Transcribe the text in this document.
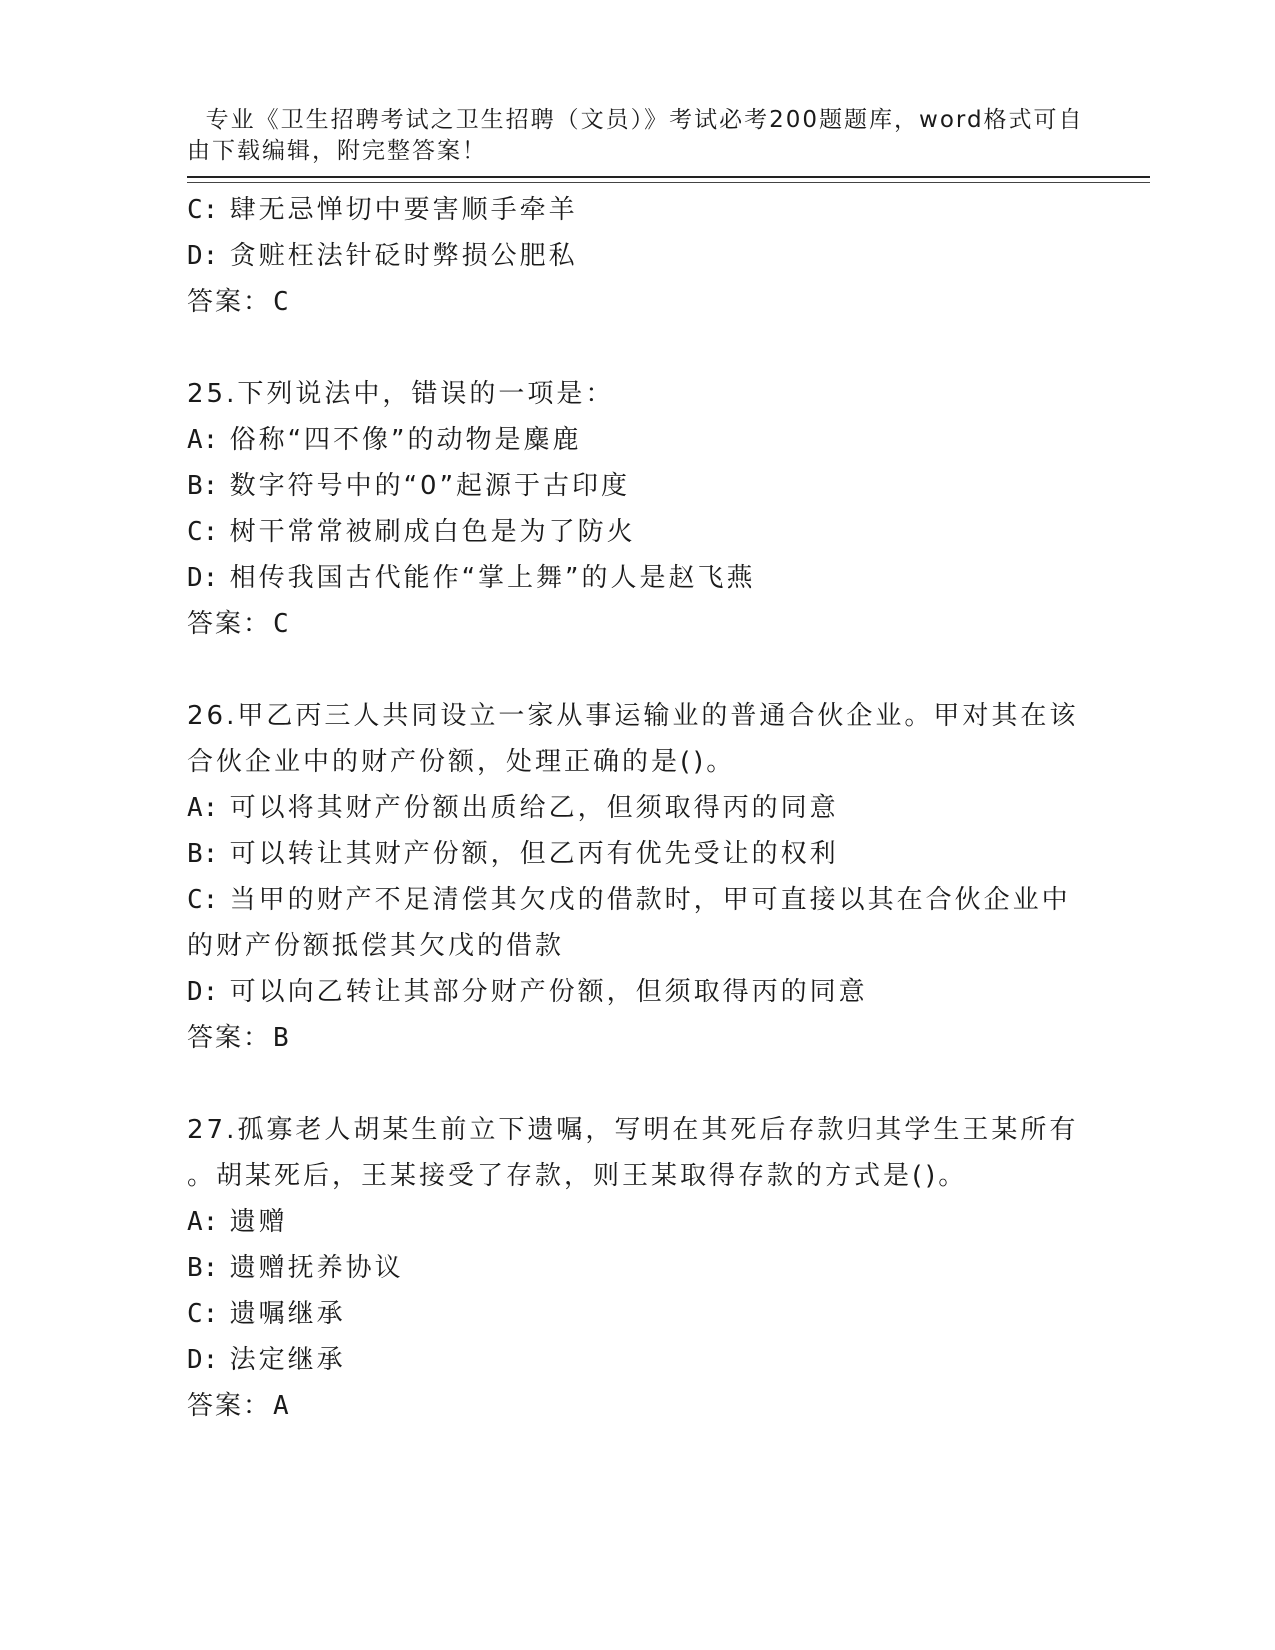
专业《卫生招聘考试之卫生招聘（文员）》考试必考200题题库，word格式可自由下载编辑，附完整答案！

C: 肆无忌惮切中要害顺手牵羊
D: 贪赃枉法针砭时弊损公肥私
答案：C
25.下列说法中，错误的一项是：
A: 俗称“四不像”的动物是麋鹿
B: 数字符号中的“0”起源于古印度
C: 树干常常被刷成白色是为了防火
D: 相传我国古代能作“掌上舞”的人是赵飞燕
答案：C
26.甲乙丙三人共同设立一家从事运输业的普通合伙企业。甲对其在该
合伙企业中的财产份额，处理正确的是()。
A: 可以将其财产份额出质给乙，但须取得丙的同意
B: 可以转让其财产份额，但乙丙有优先受让的权利
C: 当甲的财产不足清偿其欠戊的借款时，甲可直接以其在合伙企业中
的财产份额抵偿其欠戊的借款
D: 可以向乙转让其部分财产份额，但须取得丙的同意
答案：B
27.孤寡老人胡某生前立下遗嘱，写明在其死后存款归其学生王某所有
。胡某死后，王某接受了存款，则王某取得存款的方式是()。
A: 遗赠
B: 遗赠抚养协议
C: 遗嘱继承
D: 法定继承
答案：A
